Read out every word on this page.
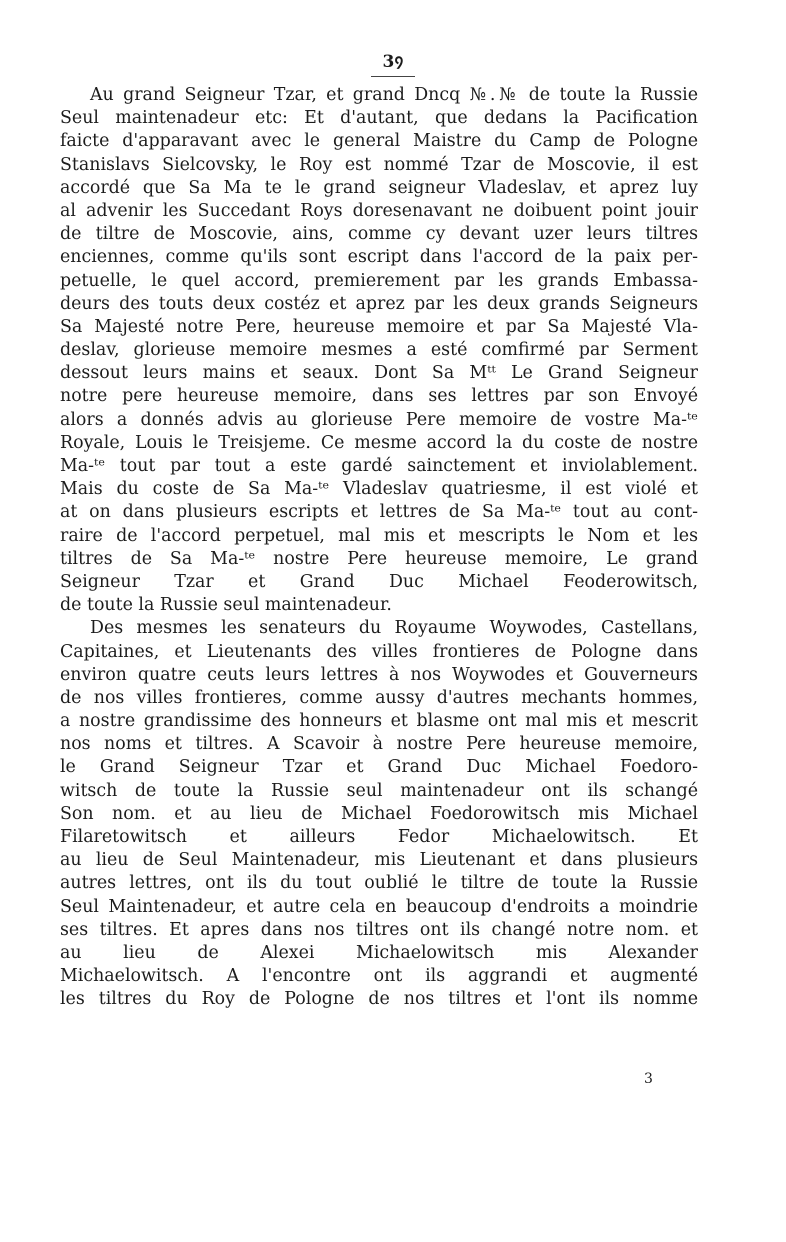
3᠀
Au grand Seigneur Tzar, et grand Dncq №.№ de toute la Russie
Seul maintenadeur etc: Et d'autant, que dedans la Pacification
faicte d'apparavant avec le general Maistre du Camp de Pologne
Stanislavs Sielcovsky, le Roy est nommé Tzar de Moscovie, il est
accordé que Sa Ma te le grand seigneur Vladeslav, et aprez luy
al advenir les Succedant Roys doresenavant ne doibuent point jouir
de tiltre de Moscovie, ains, comme cy devant uzer leurs tiltres
enciennes, comme qu'ils sont escript dans l'accord de la paix per-
petuelle, le quel accord, premierement par les grands Embassa-
deurs des touts deux costéz et aprez par les deux grands Seigneurs
Sa Majesté notre Pere, heureuse memoire et par Sa Majesté Vla-
deslav, glorieuse memoire mesmes a esté comfirmé par Serment
dessout leurs mains et seaux. Dont Sa Mᵗᵗ Le Grand Seigneur
notre pere heureuse memoire, dans ses lettres par son Envoyé
alors a donnés advis au glorieuse Pere memoire de vostre Ma-ᵗᵉ
Royale, Louis le Treisjeme. Ce mesme accord la du coste de nostre
Ma-ᵗᵉ tout par tout a este gardé sainctement et inviolablement.
Mais du coste de Sa Ma-ᵗᵉ Vladeslav quatriesme, il est violé et
at on dans plusieurs escripts et lettres de Sa Ma-ᵗᵉ tout au cont-
raire de l'accord perpetuel, mal mis et mescripts le Nom et les
tiltres de Sa Ma-ᵗᵉ nostre Pere heureuse memoire, Le grand
Seigneur Tzar et Grand Duc Michael Feoderowitsch,
de toute la Russie seul maintenadeur.
Des mesmes les senateurs du Royaume Woywodes, Castellans,
Capitaines, et Lieutenants des villes frontieres de Pologne dans
environ quatre ceuts leurs lettres à nos Woywodes et Gouverneurs
de nos villes frontieres, comme aussy d'autres mechants hommes,
a nostre grandissime des honneurs et blasme ont mal mis et mescrit
nos noms et tiltres. A Scavoir à nostre Pere heureuse memoire,
le Grand Seigneur Tzar et Grand Duc Michael Foedoro-
witsch de toute la Russie seul maintenadeur ont ils schangé
Son nom. et au lieu de Michael Foedorowitsch mis Michael
Filaretowitsch et ailleurs Fedor Michaelowitsch. Et
au lieu de Seul Maintenadeur, mis Lieutenant et dans plusieurs
autres lettres, ont ils du tout oublié le tiltre de toute la Russie
Seul Maintenadeur, et autre cela en beaucoup d'endroits a moindrie
ses tiltres. Et apres dans nos tiltres ont ils changé notre nom. et
au lieu de Alexei Michaelowitsch mis Alexander
Michaelowitsch. A l'encontre ont ils aggrandi et augmenté
les tiltres du Roy de Pologne de nos tiltres et l'ont ils nomme
3
